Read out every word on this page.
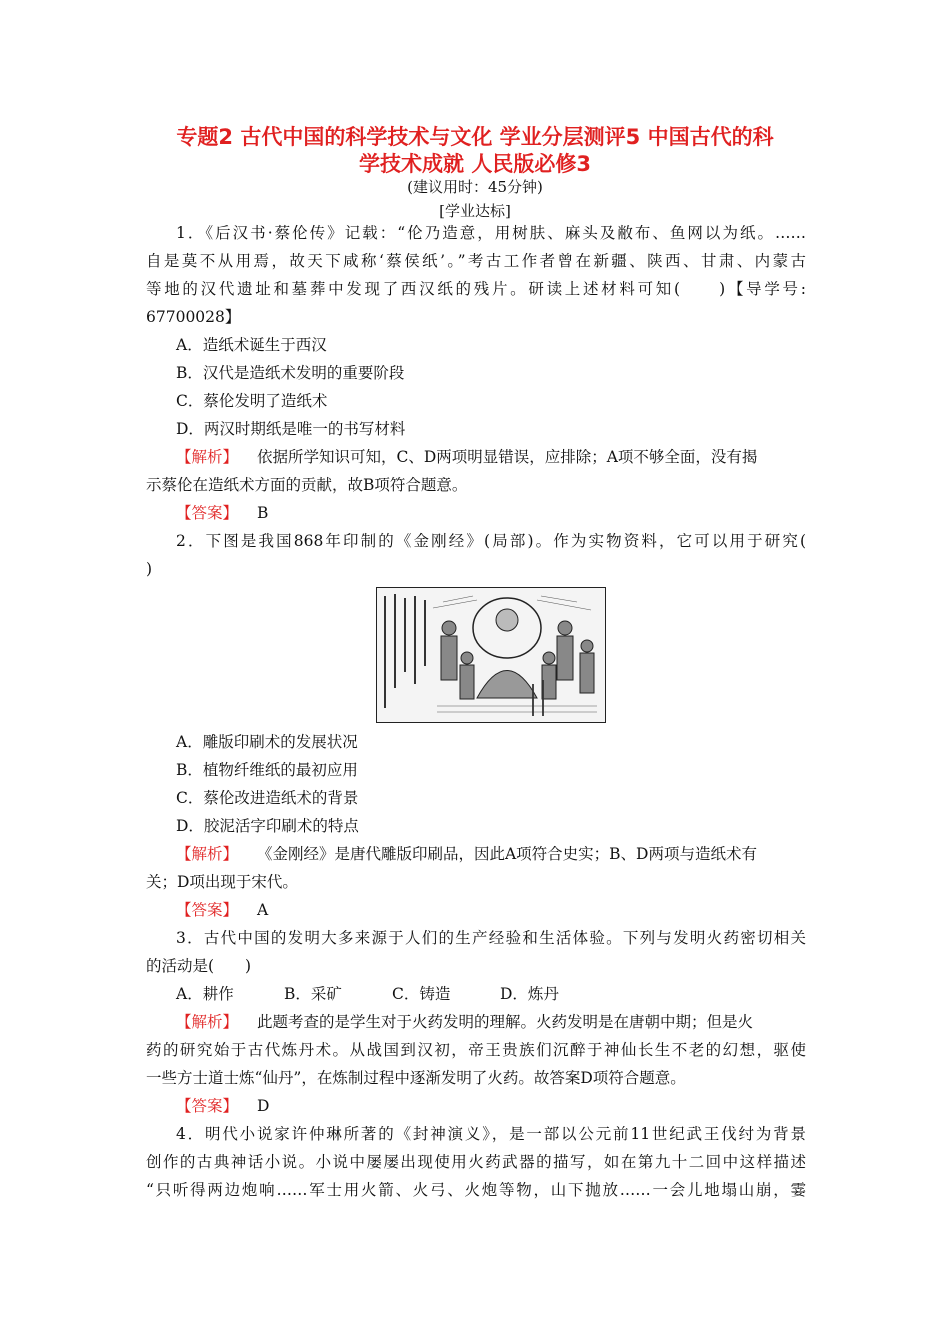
专题2 古代中国的科学技术与文化 学业分层测评5 中国古代的科
学技术成就 人民版必修3
(建议用时：45分钟)
[学业达标]
1．《后汉书·蔡伦传》记载：“伦乃造意，用树肤、麻头及敝布、鱼网以为纸。……
自是莫不从用焉，故天下咸称‘蔡侯纸’。”考古工作者曾在新疆、陕西、甘肃、内蒙古
等地的汉代遗址和墓葬中发现了西汉纸的残片。研读上述材料可知(　　)【导学号:
67700028】
A．造纸术诞生于西汉
B．汉代是造纸术发明的重要阶段
C．蔡伦发明了造纸术
D．两汉时期纸是唯一的书写材料
【解析】 依据所学知识可知，C、D两项明显错误，应排除；A项不够全面，没有揭
示蔡伦在造纸术方面的贡献，故B项符合题意。
【答案】 B
2．下图是我国868年印制的《金刚经》(局部)。作为实物资料，它可以用于研究(
)
A．雕版印刷术的发展状况
B．植物纤维纸的最初应用
C．蔡伦改进造纸术的背景
D．胶泥活字印刷术的特点
【解析】 《金刚经》是唐代雕版印刷品，因此A项符合史实；B、D两项与造纸术有
关；D项出现于宋代。
【答案】 A
3．古代中国的发明大多来源于人们的生产经验和生活体验。下列与发明火药密切相关
的活动是(　　)
A．耕作	B．采矿	C．铸造	D．炼丹
【解析】 此题考查的是学生对于火药发明的理解。火药发明是在唐朝中期；但是火
药的研究始于古代炼丹术。从战国到汉初，帝王贵族们沉醉于神仙长生不老的幻想，驱使
一些方士道士炼“仙丹”，在炼制过程中逐渐发明了火药。故答案D项符合题意。
【答案】 D
4．明代小说家许仲琳所著的《封神演义》，是一部以公元前11世纪武王伐纣为背景
创作的古典神话小说。小说中屡屡出现使用火药武器的描写，如在第九十二回中这样描述
“只听得两边炮响……军士用火箭、火弓、火炮等物，山下抛放……一会儿地塌山崩，霎
